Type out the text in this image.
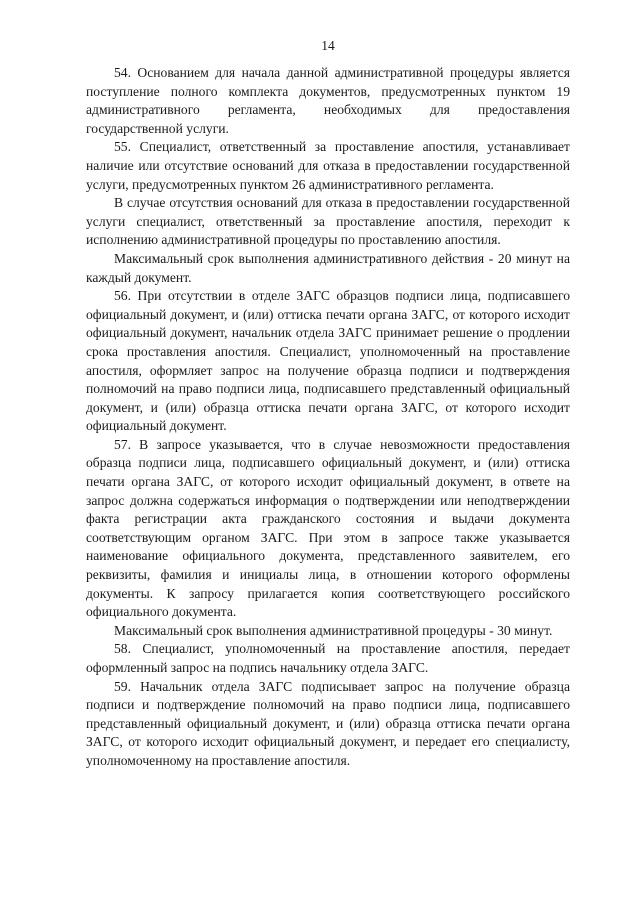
14

54. Основанием для начала данной административной процедуры является поступление полного комплекта документов, предусмотренных пунктом 19 административного регламента, необходимых для предоставления государственной услуги.

55. Специалист, ответственный за проставление апостиля, устанавливает наличие или отсутствие оснований для отказа в предоставлении государственной услуги, предусмотренных пунктом 26 административного регламента.

В случае отсутствия оснований для отказа в предоставлении государственной услуги специалист, ответственный за проставление апостиля, переходит к исполнению административной процедуры по проставлению апостиля.

Максимальный срок выполнения административного действия - 20 минут на каждый документ.

56. При отсутствии в отделе ЗАГС образцов подписи лица, подписавшего официальный документ, и (или) оттиска печати органа ЗАГС, от которого исходит официальный документ, начальник отдела ЗАГС принимает решение о продлении срока проставления апостиля. Специалист, уполномоченный на проставление апостиля, оформляет запрос на получение образца подписи и подтверждения полномочий на право подписи лица, подписавшего представленный официальный документ, и (или) образца оттиска печати органа ЗАГС, от которого исходит официальный документ.

57. В запросе указывается, что в случае невозможности предоставления образца подписи лица, подписавшего официальный документ, и (или) оттиска печати органа ЗАГС, от которого исходит официальный документ, в ответе на запрос должна содержаться информация о подтверждении или неподтверждении факта регистрации акта гражданского состояния и выдачи документа соответствующим органом ЗАГС. При этом в запросе также указывается наименование официального документа, представленного заявителем, его реквизиты, фамилия и инициалы лица, в отношении которого оформлены документы. К запросу прилагается копия соответствующего российского официального документа.

Максимальный срок выполнения административной процедуры - 30 минут.

58. Специалист, уполномоченный на проставление апостиля, передает оформленный запрос на подпись начальнику отдела ЗАГС.

59. Начальник отдела ЗАГС подписывает запрос на получение образца подписи и подтверждение полномочий на право подписи лица, подписавшего представленный официальный документ, и (или) образца оттиска печати органа ЗАГС, от которого исходит официальный документ, и передает его специалисту, уполномоченному на проставление апостиля.
